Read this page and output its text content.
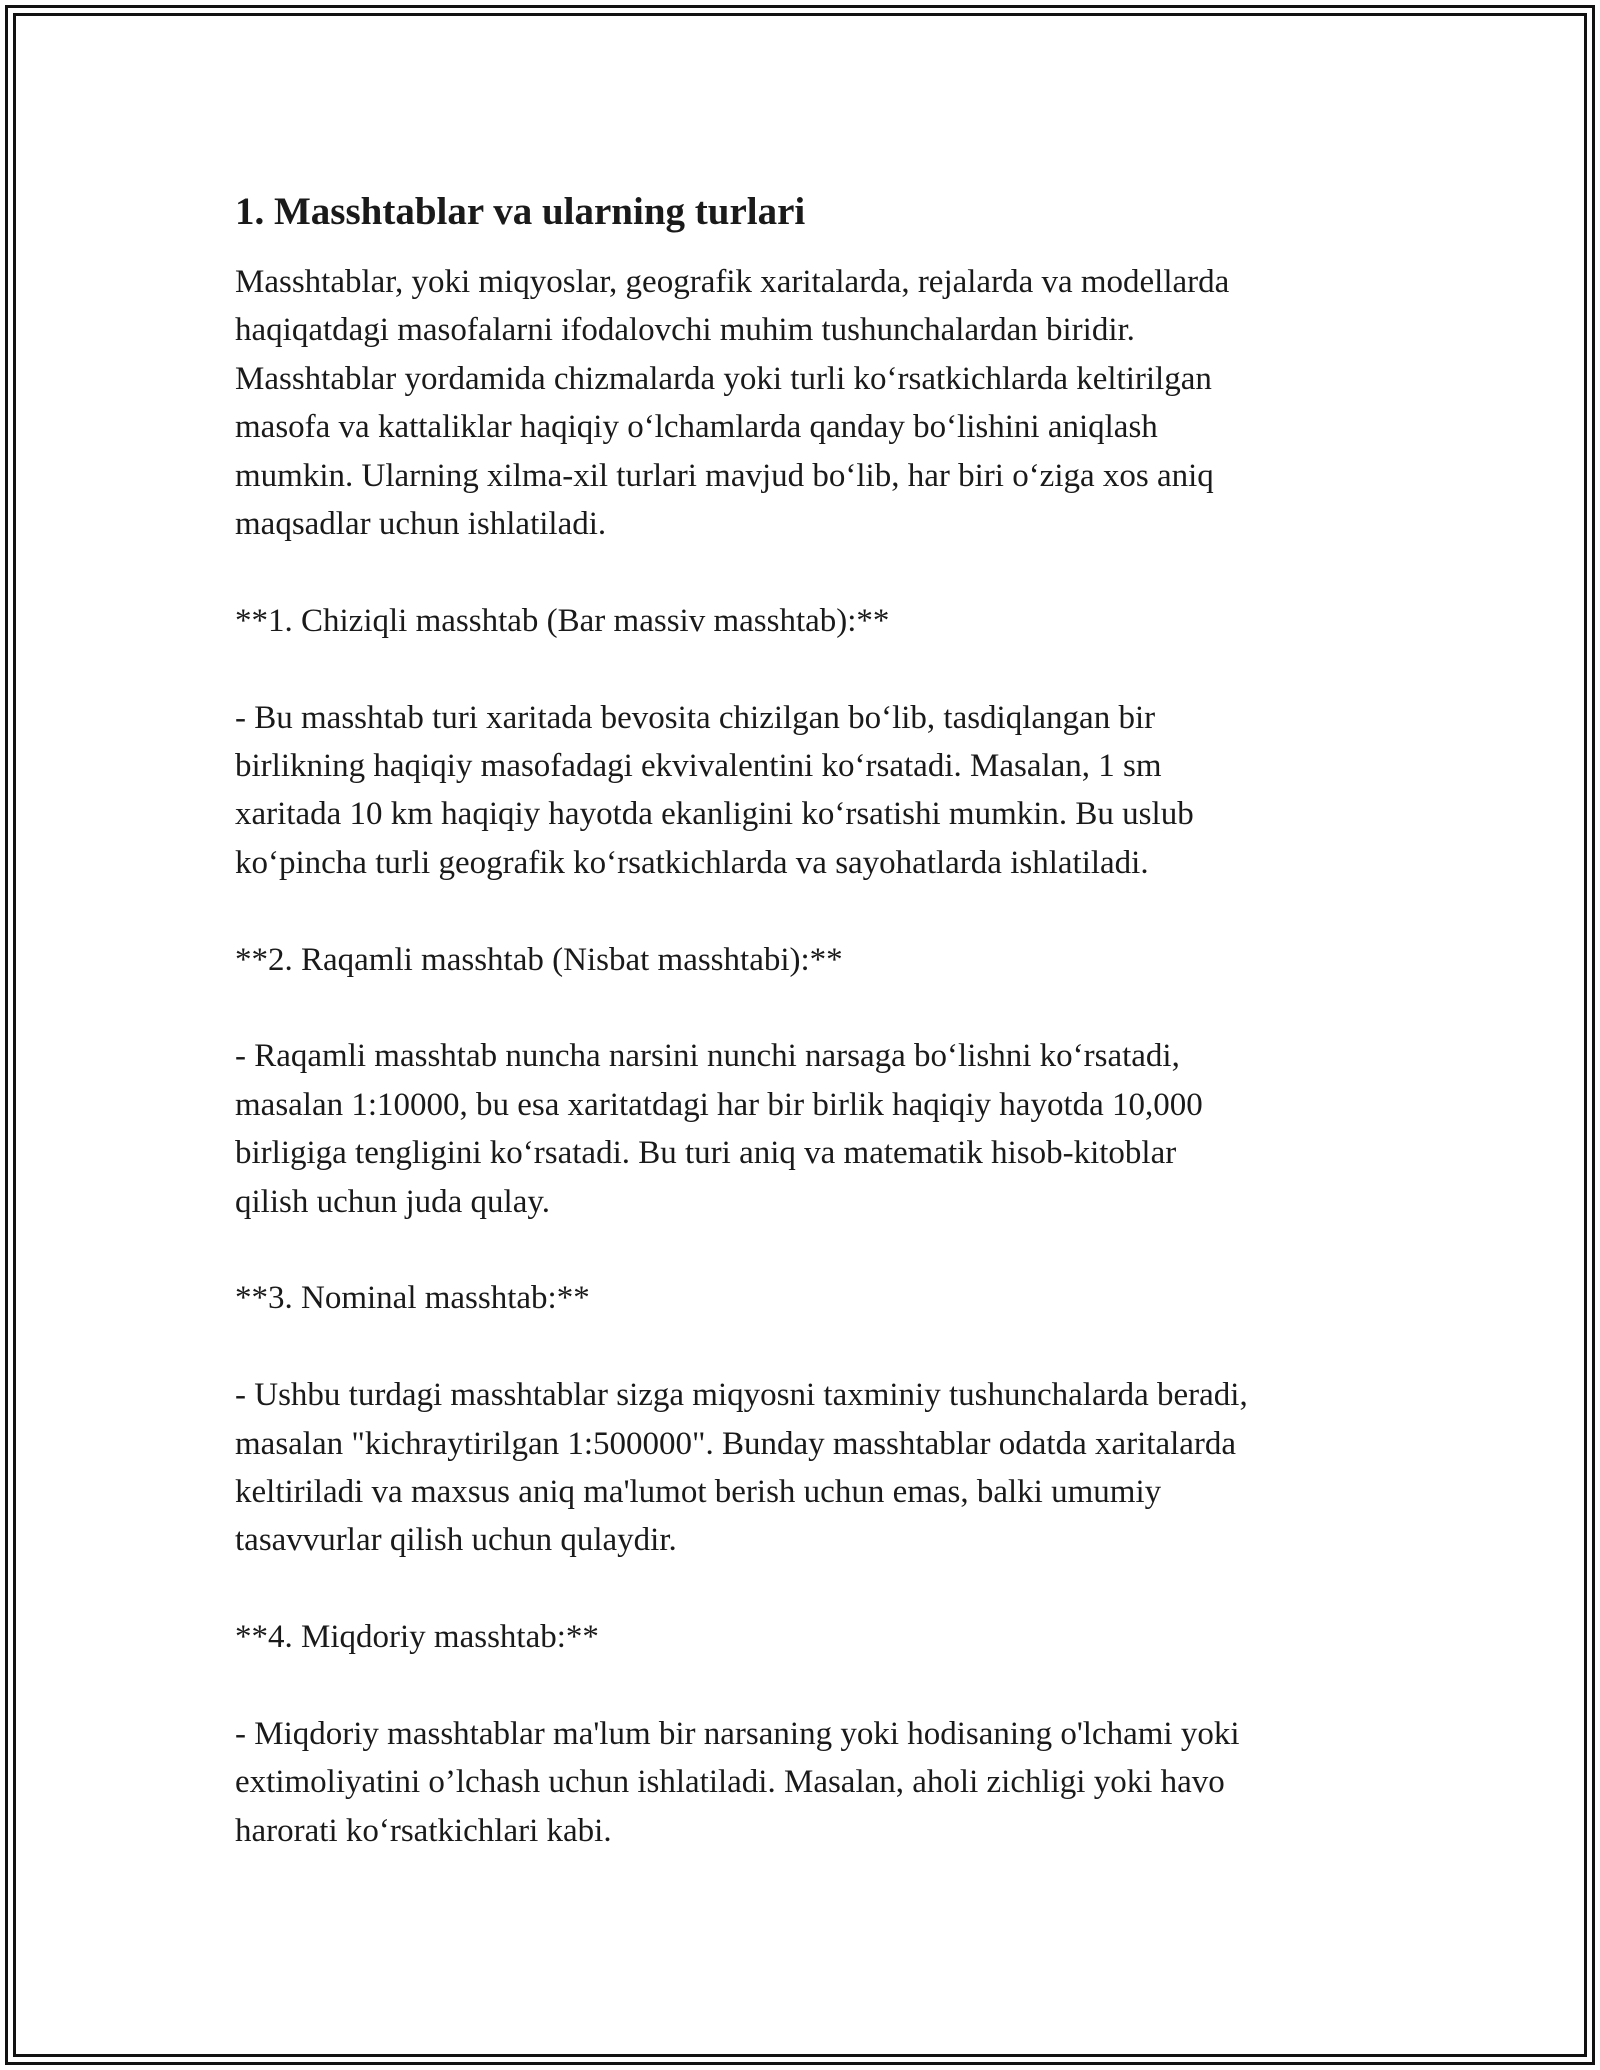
1. Masshtablar va ularning turlari

Masshtablar, yoki miqyoslar, geografik xaritalarda, rejalarda va modellarda
haqiqatdagi masofalarni ifodalovchi muhim tushunchalardan biridir.
Masshtablar yordamida chizmalarda yoki turli ko‘rsatkichlarda keltirilgan
masofa va kattaliklar haqiqiy o‘lchamlarda qanday bo‘lishini aniqlash
mumkin. Ularning xilma-xil turlari mavjud bo‘lib, har biri o‘ziga xos aniq
maqsadlar uchun ishlatiladi.

**1. Chiziqli masshtab (Bar massiv masshtab):**

- Bu masshtab turi xaritada bevosita chizilgan bo‘lib, tasdiqlangan bir
birlikning haqiqiy masofadagi ekvivalentini ko‘rsatadi. Masalan, 1 sm
xaritada 10 km haqiqiy hayotda ekanligini ko‘rsatishi mumkin. Bu uslub
ko‘pincha turli geografik ko‘rsatkichlarda va sayohatlarda ishlatiladi.

**2. Raqamli masshtab (Nisbat masshtabi):**

- Raqamli masshtab nuncha narsini nunchi narsaga bo‘lishni ko‘rsatadi,
masalan 1:10000, bu esa xaritatdagi har bir birlik haqiqiy hayotda 10,000
birligiga tengligini ko‘rsatadi. Bu turi aniq va matematik hisob-kitoblar
qilish uchun juda qulay.

**3. Nominal masshtab:**

- Ushbu turdagi masshtablar sizga miqyosni taxminiy tushunchalarda beradi,
masalan "kichraytirilgan 1:500000". Bunday masshtablar odatda xaritalarda
keltiriladi va maxsus aniq ma'lumot berish uchun emas, balki umumiy
tasavvurlar qilish uchun qulaydir.

**4. Miqdoriy masshtab:**

- Miqdoriy masshtablar ma'lum bir narsaning yoki hodisaning o'lchami yoki
extimoliyatini o’lchash uchun ishlatiladi. Masalan, aholi zichligi yoki havo
harorati ko‘rsatkichlari kabi.
